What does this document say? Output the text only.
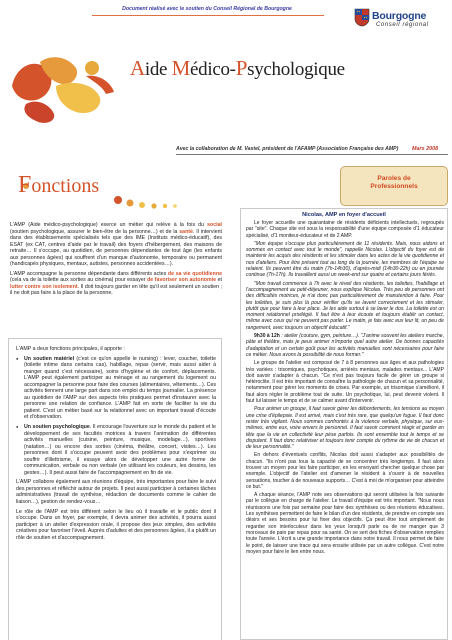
Document réalisé avec le soutien du Conseil Régional de Bourgogne
Bourgogne
Conseil régional
Aide Médico-Psychologique
Avec la collaboration de M. Vastel, président de l'AFAMP (Association Française des AMP)	Mars 2008
Fonctions

L'AMP (Aide médico-psychologique) exerce un métier qui relève à la fois du social (soutien psychologique, assurer le bien-être de la personne…) et de la santé. Il intervient dans des établissements spécialisés tels que des IME (Instituts médico-éducatif), des ESAT (ex CAT, centres d'aide par le travail) des foyers d'hébergement, des maisons de retraite… Il s'occupe, au quotidien, de personnes dépendantes de tout âge (les enfants aux personnes âgées) qui souffrent d'un manque d'autonomie, temporaire ou permanent (handicapés physiques, mentaux, autistes, personnes accidentées…).

L'AMP accompagne la personne dépendante dans différents actes de sa vie quotidienne (cela va de la toilette aux sorties au cinéma) pour essayer de favoriser son autonomie et lutter contre son isolement. Il doit toujours garder en tête qu'il est seulement un soutien ; il ne doit pas faire à la place de la personne.

L'AMP a deux fonctions principales, il apporte :

● Un soutien matériel (c'est ce qu'on appelle le nursing) : lever, coucher, toilette (toilette intime dans certains cas), habillage, repas (servir, mais aussi aider à manger quand c'est nécessaire), soins d'hygiène et de confort, déplacements. L'AMP peut également participer au ménage et au rangement du logement ou accompagner la personne pour faire des courses (alimentaires, vêtements…). Ces activités tiennent une large part dans son emploi du temps journalier. La présence au quotidien de l'AMP sur des aspects très pratiques permet d'instaurer avec la personne une relation de confiance. L'AMP fait en sorte de faciliter la vie du patient. C'est un métier basé sur la relationnel avec un important travail d'écoute et d'observation.
● Un soutien psychologique. Il encourage l'ouverture sur le monde du patient et le développement de ses facultés motrices à travers l'animation de différentes activités manuelles (cuisine, peinture, musique, modelage…), sportives (natation…) ou encore des sorties (cinéma, théâtre, concert, visites…). Les personnes dont il s'occupe peuvent avoir des problèmes pour s'exprimer ou souffrir d'illettrisme, il essaye alors de développer une autre forme de communication, verbale ou non verbale (en utilisant les couleurs, les dessins, les gestes…). Il peut aussi faire de l'accompagnement en fin de vie.

L'AMP collabore également aux réunions d'équipe, très importantes pour faire le suivi des personnes et réfléchir autour de projets. Il peut aussi participer à certaines tâches administratives (travail de synthèse, rédaction de documents comme le cahier de liaison…), gestion de rendez-vous…

Le rôle de l'AMP est très différent selon le lieu où il travaille et le public dont il s'occupe. Dans un foyer, par exemple, il devra animer des activités, il pourra aussi participer à un atelier d'expression orale, il propose des jeux simples, des activités créatives pour favoriser l'éveil. Auprès d'adultes et des personnes âgées, il a plutôt un rôle de soutien et d'accompagnement.

Paroles de
Professionnels
Nicolas, AMP en foyer d'accueil

Le foyer accueille une quarantaine de résidents déficients intellectuels, regroupés par "site". Chaque site est sous la responsabilité d'une équipe composée d'1 éducateur spécialisé, d'1 moniteur-éducateur et de 2 AMP.

"Mon équipe s'occupe plus particulièrement de 11 résidents. Mais, nous aidons et sommes en contact avec tout le monde", rappelle Nicolas. L'objectif du foyer est de maintenir les acquis des résidents et les stimuler dans les actes de la vie quotidienne et nos d'ateliers. Pour être présent tout au long de la journée, les membres de l'équipe se relaient. Ils peuvent être du matin (7h-14h30), d'après-midi (14h30-22h) ou en journée continue (7h-17h). Ils travaillent aussi un week-end sur quatre et certains jours fériés.

"Mon travail commence à 7h avec le réveil des résidents, les toilettes, l'habillage et l'accompagnement au petit-déjeuner, nous explique Nicolas. Très peu de personnes ont des difficultés motrices, je n'ai donc pas particulièrement de manutention à faire. Pour les toilettes, je suis plus là pour vérifier qu'ils se lavent correctement et les stimuler, plutôt que pour faire à leur place. Je les aide surtout à se laver le dos. La toilette est un moment relationnel privilégié. Il faut être à leur écoute et toujours établir un contact, même avec ceux qui ne peuvent pas parler. Le matin, je fais avec eux leur lit, un peu de rangement, avec toujours un objectif éducatif."

9h30 à 12h : atelier (couture, gym, peinture…). "J'anime souvent les ateliers marche, pâte et théâtre, mais je peux animer n'importe quel autre atelier. De bonnes capacités d'adaptation et un certain goût pour les activités manuelles sont nécessaires pour faire ce métier. Nous avons la possibilité de nous former."

Le groupe de l'atelier est composé de 7 à 8 personnes aux âges et aux pathologies très variées : trisomiques, psychotiques, arriérés mentaux, malades mentaux... L'AMP doit savoir s'adapter à chacun. "Ce n'est pas toujours facile de gérer un groupe si hétéroclite. Il est très important de connaître la pathologie de chacun et sa personnalité, notamment pour gérer les moments de crises. Par exemple, un trisomique s'amélioré, il faut alors régler le problème tout de suite. Un psychotique, lui, peut devenir violent. Il faut lui laisser le temps et de se calmer avant d'intervenir.

Pour animer un groupe, il faut savoir gérer les débordements, les tensions au moyen une crise d'épilepsie. Il est arrivé, mais c'est très rare, que quelqu'un fugue. Il faut donc rester très vigilant. Nous sommes confrontés à la violence verbale, physique, sur eux-mêmes, entre eux, voire envers le personnel. Il faut savoir comment réagir et garder en tête que la vie en collectivité leur pèse parfois. Ils sont ensemble tout le temps et se disputent. Il faut donc relativiser et toujours tenir compte du rythme de vie de chacun et de leur personnalité."

En dehors d'éventuels conflits, Nicolas doit aussi s'adapter aux possibilités de chacun. "Ils n'ont pas tous la capacité de se concentrer très longtemps. Il faut alors trouver un moyen pour les faire participer, en les envoyant chercher quelque chose par exemple. L'objectif de l'atelier est d'amener le résident à s'ouvrir à de nouvelles sensations, toucher à de nouveaux supports… C'est à moi de m'organiser pour atteindre ce but."

A chaque séance, l'AMP note ses observations qui seront utilisées la fois suivante par le collègue en charge de l'atelier. Le travail d'équipe est très important. "Nous nous réunissons une fois par semaine pour faire des synthèses ou des réunions éducatives. Les synthèses permettent de faire le bilan d'un des résidents, de prendre en compte ses désirs et ses besoins pour lui fixer des objectifs. Ça peut être tout simplement de regarder son interlocuteur dans les yeux lorsqu'il parle ou de ne manger que 3 morceaux de pain par repas pour sa santé. On se sert des fiches d'observation remplies toute l'année. L'écrit a une grande importance dans notre travail. Il nous permet de faire le point, de laisser une trace qui sera ensuite utilisée par un autre collègue. C'est notre moyen pour faire le lien entre nous.
